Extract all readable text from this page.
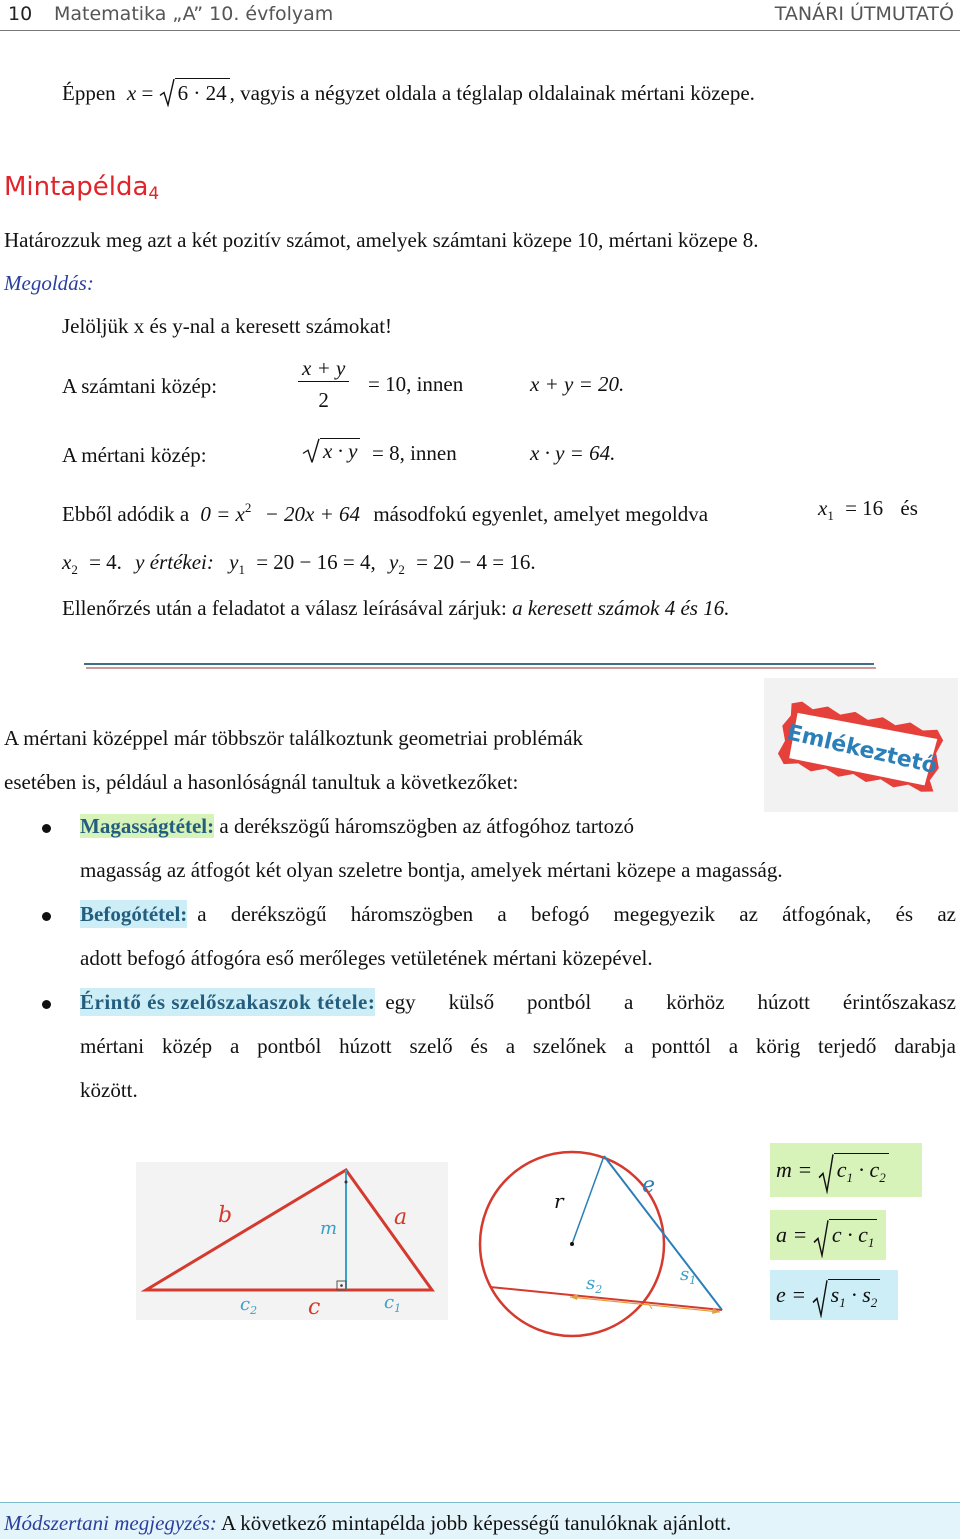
10 Matematika „A” 10. évfolyam	TANÁRI ÚTMUTATÓ
Éppen x = 6 · 24 , vagyis a négyzet oldala a téglalap oldalainak mértani közepe.
Mintapélda4
Határozzuk meg azt a két pozitív számot, amelyek számtani közepe 10, mértani közepe 8.
Megoldás:
Jelöljük x és y-nal a keresett számokat!
A számtani közép:	$\frac{x + y}{2} = 10$, innen	x + y = 20.
A mértani közép:	x · y = 8, innen	x · y = 64.
Ebből adódik a $0 = x^2 - 20x + 64$ másodfokú egyenlet, amelyet megoldva	$x_1 = 16$ és
$x_2 = 4$. y értékei: $y_1 = 20 - 16 = 4$, $y_2 = 20 - 4 = 16$.
Ellenőrzés után a feladatot a válasz leírásával zárjuk: a keresett számok 4 és 16.
Emlékeztető
A mértani középpel már többször találkoztunk geometriai problémák
esetében is, például a hasonlóságnál tanultuk a következőket:
Magasságtétel: a derékszögű háromszögben az átfogóhoz tartozó
magasság az átfogót két olyan szeletre bontja, amelyek mértani közepe a magasság.
Befogótétel: a derékszögű háromszögben a befogó megegyezik az átfogónak, és az
adott befogó átfogóra eső merőleges vetületének mértani közepével.
Érintő és szelőszakaszok tétele: egy külső pontból a körhöz húzott érintőszakasz
mértani közép a pontból húzott szelő és a szelőnek a ponttól a körig terjedő darabja
között.
b
m	a
$c_2$ c	$c_1$
r
e
$s_2$
$s_1$
$m = c_1 \cdot c_2$
$a = c \cdot c_1$
$e = s_1 \cdot s_2$
Módszertani megjegyzés: A következő mintapélda jobb képességű tanulóknak ajánlott.
